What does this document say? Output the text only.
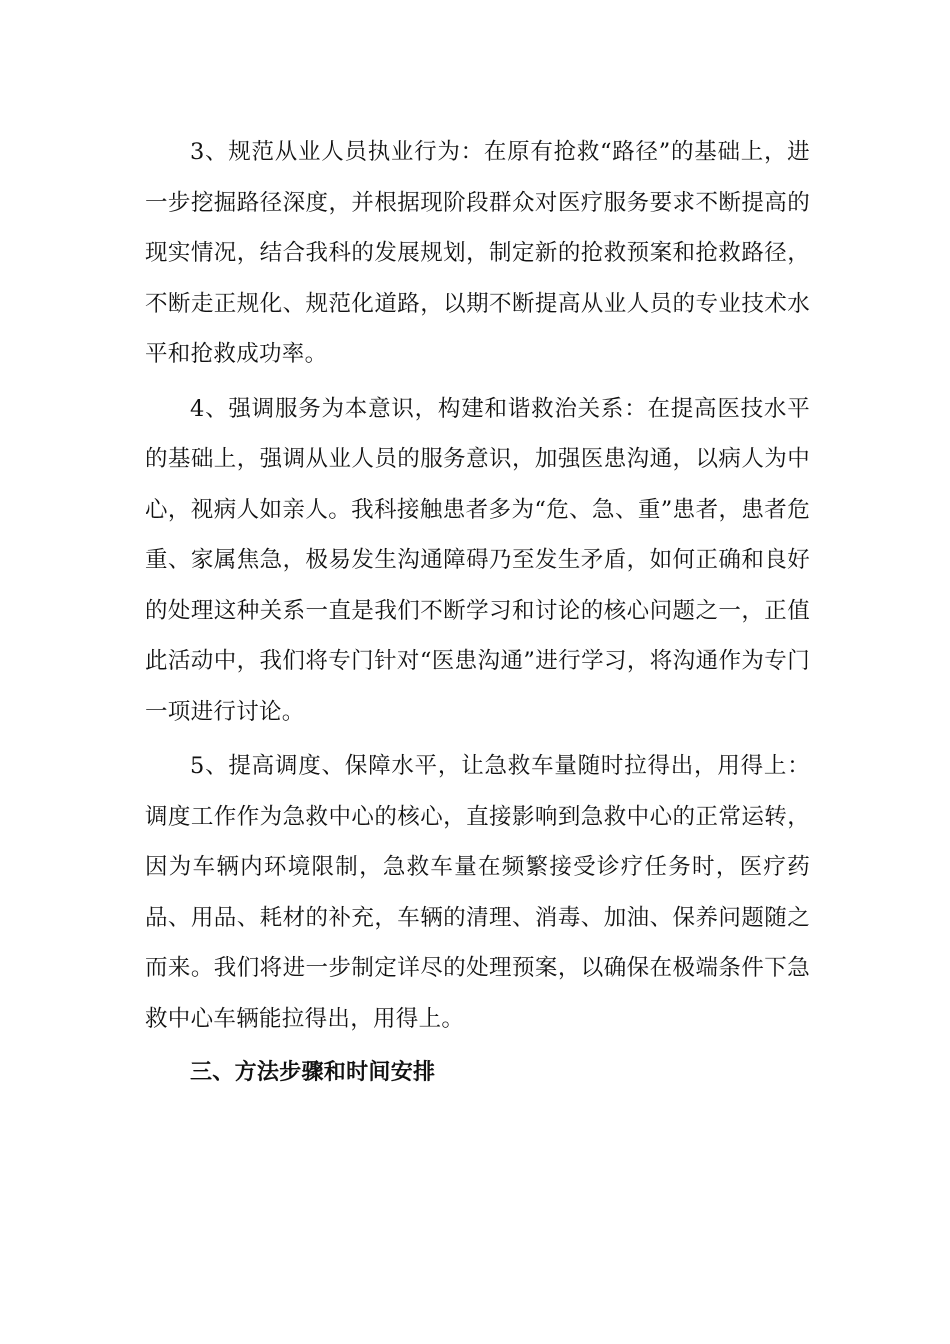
3、规范从业人员执业行为：在原有抢救“路径”的基础上，进一步挖掘路径深度，并根据现阶段群众对医疗服务要求不断提高的现实情况，结合我科的发展规划，制定新的抢救预案和抢救路径，不断走正规化、规范化道路，以期不断提高从业人员的专业技术水平和抢救成功率。

4、强调服务为本意识，构建和谐救治关系：在提高医技水平的基础上，强调从业人员的服务意识，加强医患沟通，以病人为中心，视病人如亲人。我科接触患者多为“危、急、重”患者，患者危重、家属焦急，极易发生沟通障碍乃至发生矛盾，如何正确和良好的处理这种关系一直是我们不断学习和讨论的核心问题之一，正值此活动中，我们将专门针对“医患沟通”进行学习，将沟通作为专门一项进行讨论。

5、提高调度、保障水平，让急救车量随时拉得出，用得上：调度工作作为急救中心的核心，直接影响到急救中心的正常运转，因为车辆内环境限制，急救车量在频繁接受诊疗任务时，医疗药品、用品、耗材的补充，车辆的清理、消毒、加油、保养问题随之而来。我们将进一步制定详尽的处理预案，以确保在极端条件下急救中心车辆能拉得出，用得上。

三、方法步骤和时间安排
